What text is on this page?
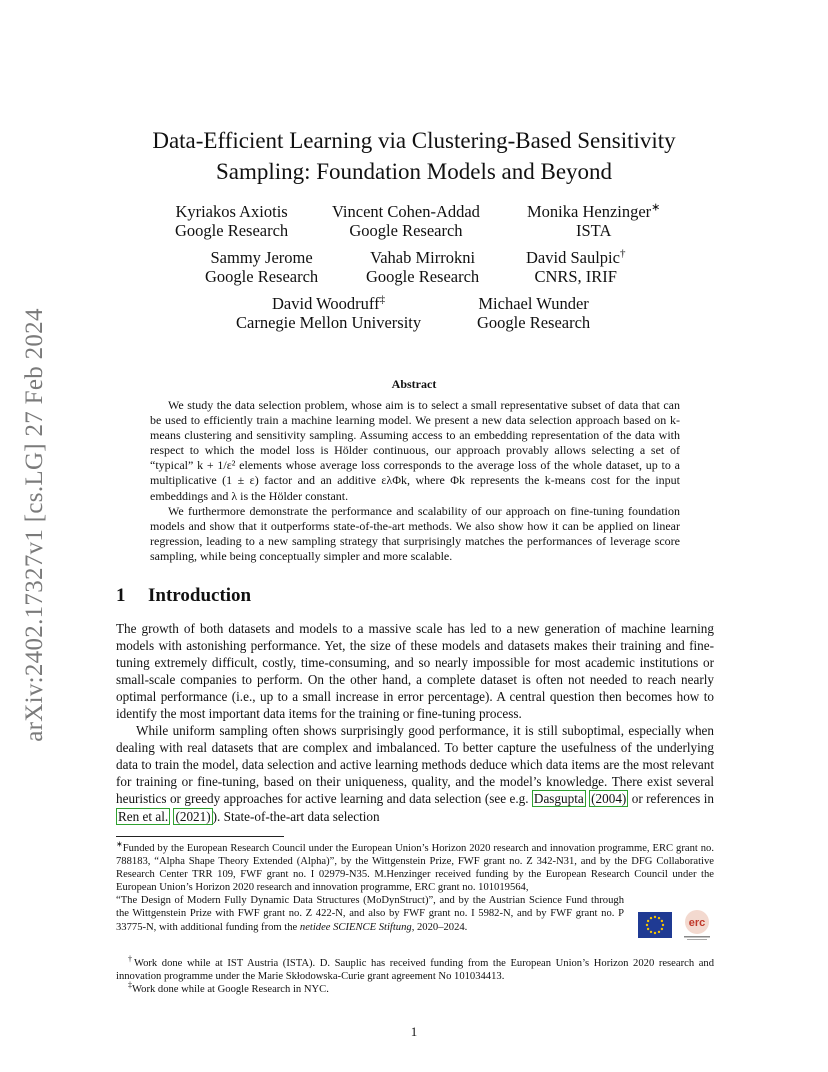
arXiv:2402.17327v1 [cs.LG] 27 Feb 2024
Data-Efficient Learning via Clustering-Based Sensitivity
Sampling: Foundation Models and Beyond
Kyriakos Axiotis
Google Research
Vincent Cohen-Addad
Google Research
Monika Henzinger∗
ISTA
Sammy Jerome
Google Research
Vahab Mirrokni
Google Research
David Saulpic†
CNRS, IRIF
David Woodruff‡
Carnegie Mellon University
Michael Wunder
Google Research
Abstract

We study the data selection problem, whose aim is to select a small representative subset of data that can be used to efficiently train a machine learning model. We present a new data selection approach based on k-means clustering and sensitivity sampling. Assuming access to an embedding representation of the data with respect to which the model loss is Hölder continuous, our approach provably allows selecting a set of “typical” k + 1/ε² elements whose average loss corresponds to the average loss of the whole dataset, up to a multiplicative (1 ± ε) factor and an additive ελΦk, where Φk represents the k-means cost for the input embeddings and λ is the Hölder constant.

We furthermore demonstrate the performance and scalability of our approach on fine-tuning foundation models and show that it outperforms state-of-the-art methods. We also show how it can be applied on linear regression, leading to a new sampling strategy that surprisingly matches the performances of leverage score sampling, while being conceptually simpler and more scalable.

1 Introduction

The growth of both datasets and models to a massive scale has led to a new generation of machine learning models with astonishing performance. Yet, the size of these models and datasets makes their training and fine-tuning extremely difficult, costly, time-consuming, and so nearly impossible for most academic institutions or small-scale companies to perform. On the other hand, a complete dataset is often not needed to reach nearly optimal performance (i.e., up to a small increase in error percentage). A central question then becomes how to identify the most important data items for the training or fine-tuning process.

While uniform sampling often shows surprisingly good performance, it is still suboptimal, especially when dealing with real datasets that are complex and imbalanced. To better capture the usefulness of the underlying data to train the model, data selection and active learning methods deduce which data items are the most relevant for training or fine-tuning, based on their uniqueness, quality, and the model’s knowledge. There exist several heuristics or greedy approaches for active learning and data selection (see e.g. Dasgupta (2004) or references in Ren et al. (2021) ). State-of-the-art data selection

∗Funded by the European Research Council under the European Union’s Horizon 2020 research and innovation programme, ERC grant no. 788183, “Alpha Shape Theory Extended (Alpha)”, by the Wittgenstein Prize, FWF grant no. Z 342-N31, and by the DFG Collaborative Research Center TRR 109, FWF grant no. I 02979-N35. M.Henzinger received funding by the European Research Council under the European Union’s Horizon 2020 research and innovation programme, ERC grant no. 101019564,
“The Design of Modern Fully Dynamic Data Structures (MoDynStruct)”, and by the Austrian Science Fund through the Wittgenstein Prize with FWF grant no. Z 422-N, and also by FWF grant no. I 5982-N, and by FWF grant no. P 33775-N, with additional funding from the netidee SCIENCE Stiftung, 2020–2024.	erc

†Work done while at IST Austria (ISTA). D. Sauplic has received funding from the European Union’s Horizon 2020 research and innovation programme under the Marie Skłodowska-Curie grant agreement No 101034413.

‡Work done while at Google Research in NYC.

1
